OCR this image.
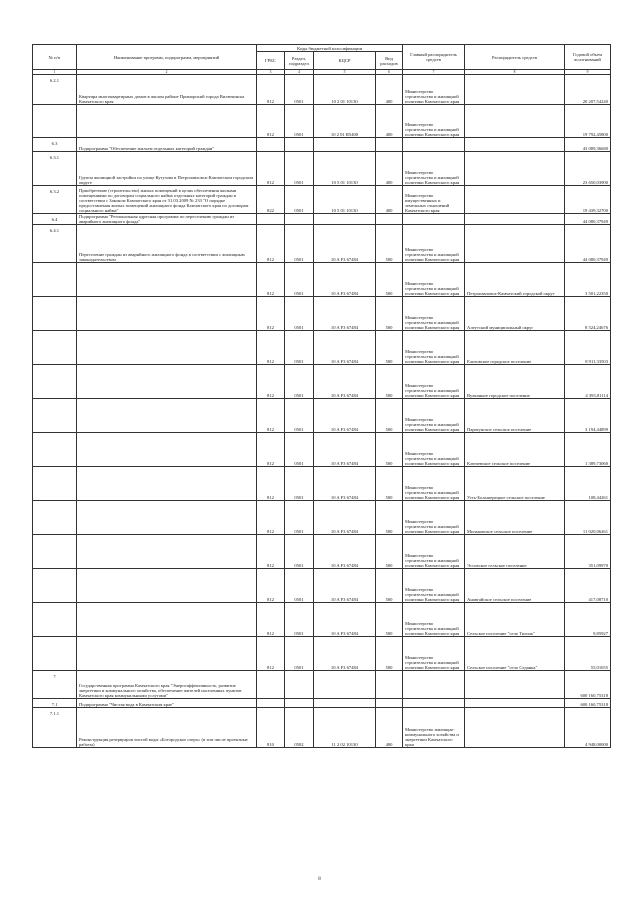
№ п/п	Наименование программ, подпрограмм, мероприятий	Коды бюджетной классификации				Главный распорядитель средств	Распорядитель средств	Годовой объем ассигнований
		ГРБС	Раздел, подраздел	КЦСР	Вид расходов			
1	2	3	4	5	6	7	8	9
6.2.1	Квартира многоквартирных домов в жилом районе Приморский города Вилючинска Камчатского края	812	0501	10 2 01 10130	400	Министерство строительства и жилищной политики Камчатского края		20 207,54240
		812	0501	10 2 01 R5400	400	Министерство строительства и жилищной политики Камчатского края		19 792,45800
6.3	Подпрограмма "Обеспечение жильем отдельных категорий граждан"							43 089,36680
6.3.1	Группа жилищной застройки по улице Кутузова в Петропавловск-Камчатском городском округе	812	0501	10 5 01 10130	400	Министерство строительства и жилищной политики Камчатского края		23 650,03900
6.3.2	Приобретение (строительство) жилых помещений в целях обеспечения жилыми помещениями по договорам социального найма отдельных категорий граждан в соответствии с Законом Камчатского края от 31.03.2009 № 233 "О порядке предоставления жилых помещений жилищного фонда Камчатского края по договорам социального найма"	822	0501	10 5 01 10130	400	Министерство имущественных и земельных отношений Камчатского края		19 439,32700
6.4	Подпрограмма "Региональная адресная программа по переселению граждан из аварийного жилищного фонда"							44 080,37949
6.4.1	Переселение граждан из аварийного жилищного фонда в соответствии с жилищным законодательством	812	0501	10 A F3 67484	500	Министерство строительства и жилищной политики Камчатского края		44 080,37949
		812	0501	10 A F3 67484	500	Министерство строительства и жилищной политики Камчатского края	Петропавловск-Камчатский городской округ	3 501,22350
		812	0501	10 A F3 67484	500	Министерство строительства и жилищной политики Камчатского края	Алеутский муниципальный округ	8 524,24676
		812	0501	10 A F3 67484	500	Министерство строительства и жилищной политики Камчатского края	Елизовское городское поселение	8 911,33503
		812	0501	10 A F3 67484	500	Министерство строительства и жилищной политики Камчатского края	Вулканное городское поселение	4 393,81114
		812	0501	10 A F3 67484	500	Министерство строительства и жилищной политики Камчатского края	Паратунское сельское поселение	3 194,44899
		812	0501	10 A F3 67484	500	Министерство строительства и жилищной политики Камчатского края	Ключевское сельское поселение	1 389,73060
		812	0501	10 A F3 67484	500	Министерство строительства и жилищной политики Камчатского края	Усть-Большерецкое сельское поселение	108,44261
		812	0501	10 A F3 67484	500	Министерство строительства и жилищной политики Камчатского края	Мильковское сельское поселение	11 020,06261
		812	0501	10 A F3 67484	500	Министерство строительства и жилищной политики Камчатского края	Эссовское сельское поселение	351,09970
		812	0501	10 A F3 67484	500	Министерство строительства и жилищной политики Камчатского края	Анавгайское сельское поселение	417,08710
		812	0501	10 A F3 67484	500	Министерство строительства и жилищной политики Камчатского края	Сельское поселение "село Тигиль"	9,85927
		812	0501	10 A F3 67484	500	Министерство строительства и жилищной политики Камчатского края	Сельское поселение "село Седанка"	55,01655
7	Государственная программа Камчатского края "Энергоэффективность, развитие энергетики и коммунального хозяйства, обеспечение жителей населенных пунктов Камчатского края коммунальными услугами"							600 160,75318
7.1	Подпрограмма "Чистая вода в Камчатском крае"							600 160,75318
7.1.1	Реконструкция резервуаров чистой воды «Богородское озеро» (в том числе проектные работы)	810	0502	11 2 02 10130	400	Министерство жилищно-коммунального хозяйства и энергетики Камчатского края		4 948,00000
8
